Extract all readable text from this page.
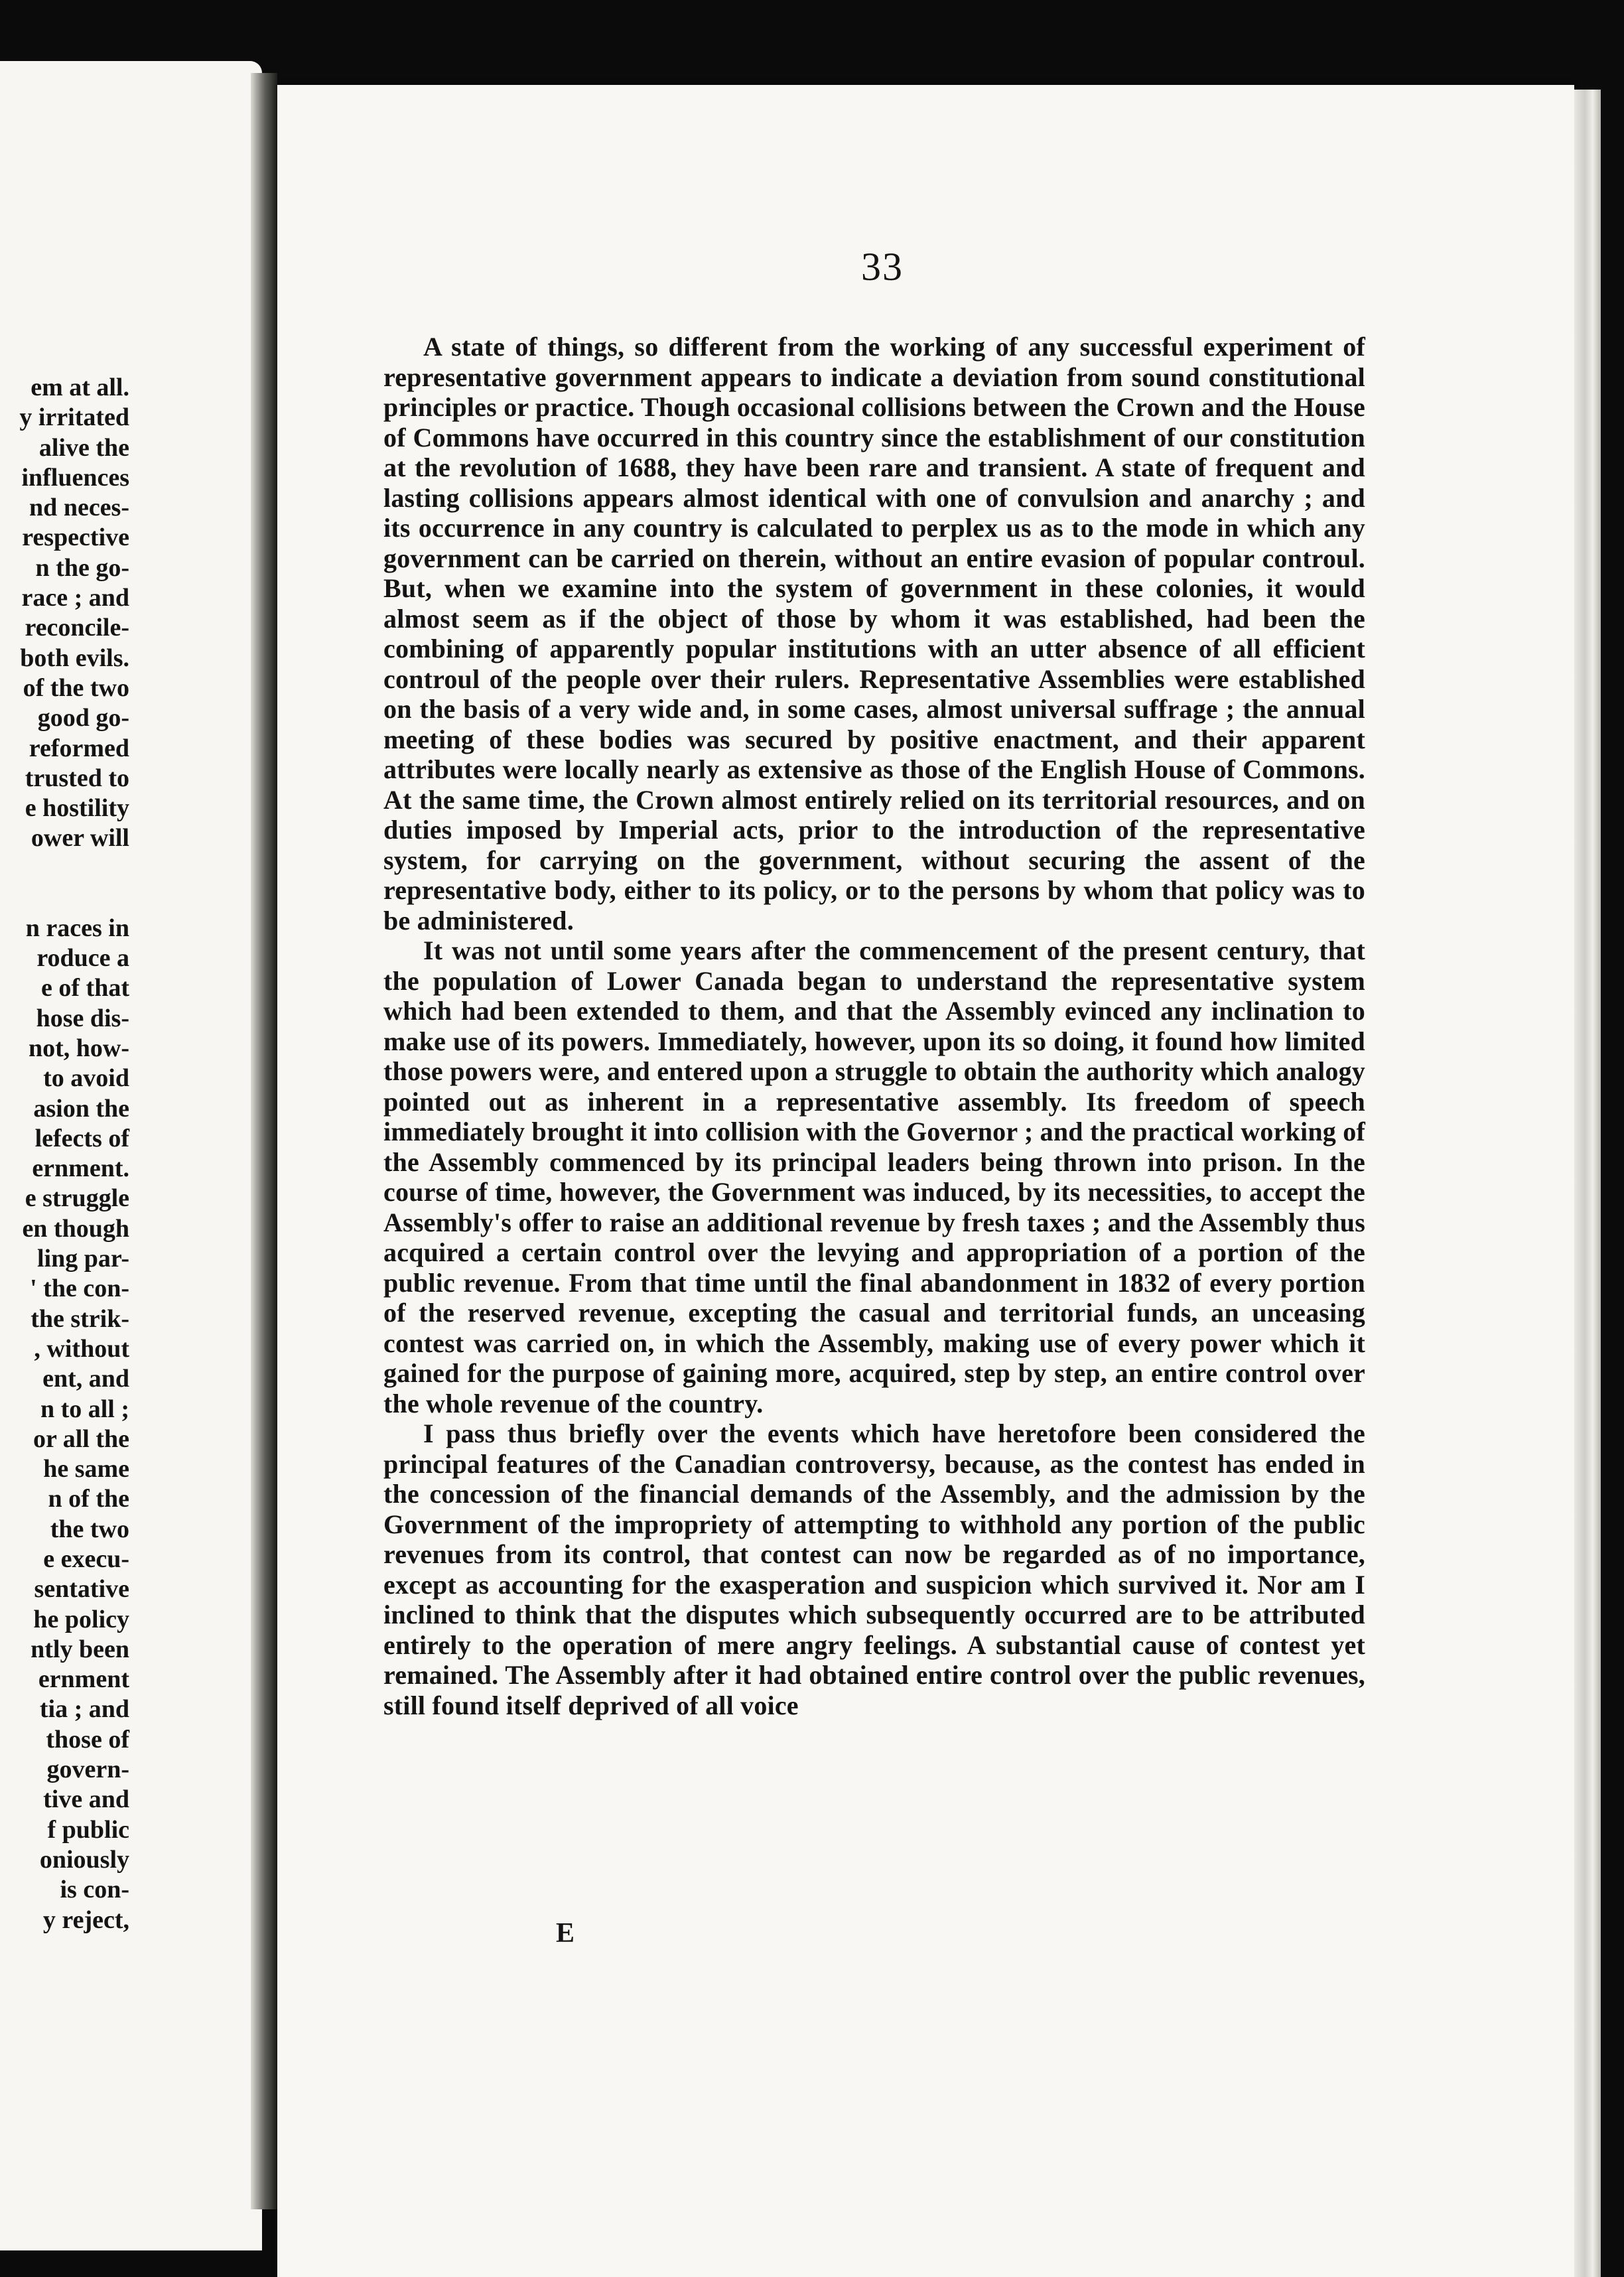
em at all.
y irritated
alive the
influences
nd neces-
respective
n the go-
race ; and
reconcile-
both evils.
of the two
good go-
reformed
trusted to
e hostility
ower will

n races in
roduce a
e of that
hose dis-
not, how-
to avoid
asion the
lefects of
ernment.
e struggle
en though
ling par-
' the con-
the strik-
, without
ent, and
n to all ;
or all the
he same
n of the
the two
e execu-
sentative
he policy
ntly been
ernment
tia ; and
those of
govern-
tive and
f public
oniously
is con-
y reject,
33

A state of things, so different from the working of any successful experiment of representative government appears to indicate a deviation from sound constitutional principles or practice. Though occasional collisions between the Crown and the House of Commons have occurred in this country since the establishment of our constitution at the revolution of 1688, they have been rare and transient. A state of frequent and lasting collisions appears almost identical with one of convulsion and anarchy ; and its occurrence in any country is calculated to perplex us as to the mode in which any government can be carried on therein, without an entire evasion of popular controul. But, when we examine into the system of government in these colonies, it would almost seem as if the object of those by whom it was established, had been the combining of apparently popular institutions with an utter absence of all efficient controul of the people over their rulers. Representative Assemblies were established on the basis of a very wide and, in some cases, almost universal suffrage ; the annual meeting of these bodies was secured by positive enactment, and their apparent attributes were locally nearly as extensive as those of the English House of Commons. At the same time, the Crown almost entirely relied on its territorial resources, and on duties imposed by Imperial acts, prior to the introduction of the representative system, for carrying on the government, without securing the assent of the representative body, either to its policy, or to the persons by whom that policy was to be administered.

It was not until some years after the commencement of the present century, that the population of Lower Canada began to understand the representative system which had been extended to them, and that the Assembly evinced any inclination to make use of its powers. Immediately, however, upon its so doing, it found how limited those powers were, and entered upon a struggle to obtain the authority which analogy pointed out as inherent in a representative assembly. Its freedom of speech immediately brought it into collision with the Governor ; and the practical working of the Assembly commenced by its principal leaders being thrown into prison. In the course of time, however, the Government was induced, by its necessities, to accept the Assembly's offer to raise an additional revenue by fresh taxes ; and the Assembly thus acquired a certain control over the levying and appropriation of a portion of the public revenue. From that time until the final abandonment in 1832 of every portion of the reserved revenue, excepting the casual and territorial funds, an unceasing contest was carried on, in which the Assembly, making use of every power which it gained for the purpose of gaining more, acquired, step by step, an entire control over the whole revenue of the country.

I pass thus briefly over the events which have heretofore been considered the principal features of the Canadian controversy, because, as the contest has ended in the concession of the financial demands of the Assembly, and the admission by the Government of the impropriety of attempting to withhold any portion of the public revenues from its control, that contest can now be regarded as of no importance, except as accounting for the exasperation and suspicion which survived it. Nor am I inclined to think that the disputes which subsequently occurred are to be attributed entirely to the operation of mere angry feelings. A substantial cause of contest yet remained. The Assembly after it had obtained entire control over the public revenues, still found itself deprived of all voice

E
